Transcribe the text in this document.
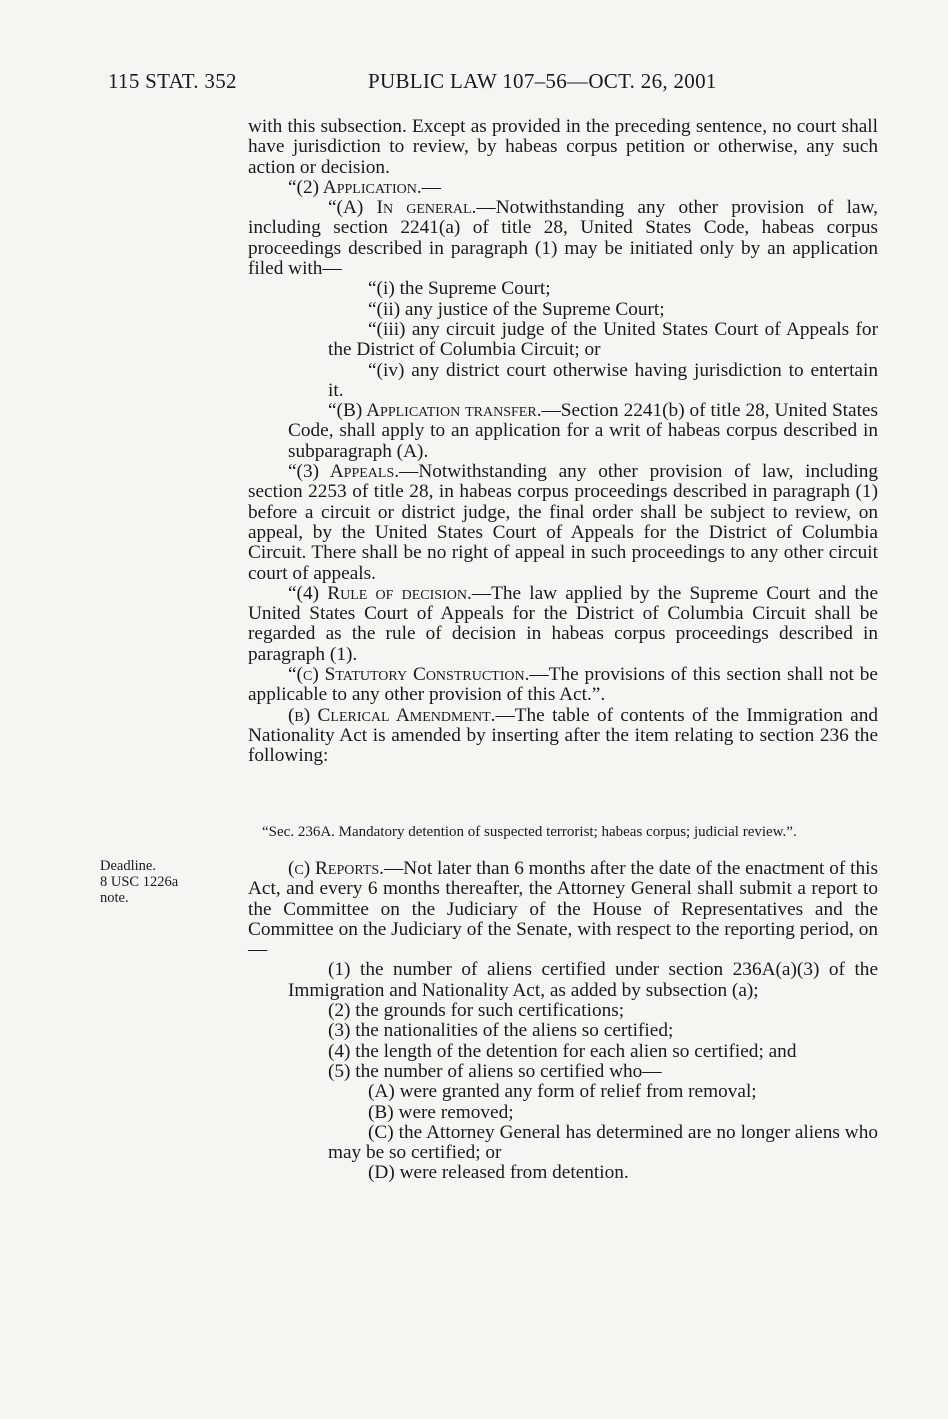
115 STAT. 352	PUBLIC LAW 107–56—OCT. 26, 2001

with this subsection. Except as provided in the preceding sentence, no court shall have jurisdiction to review, by habeas corpus petition or otherwise, any such action or decision.

“(2) Application.—

“(A) In general.—Notwithstanding any other provision of law, including section 2241(a) of title 28, United States Code, habeas corpus proceedings described in paragraph (1) may be initiated only by an application filed with—

“(i) the Supreme Court;

“(ii) any justice of the Supreme Court;

“(iii) any circuit judge of the United States Court of Appeals for the District of Columbia Circuit; or

“(iv) any district court otherwise having jurisdiction to entertain it.

“(B) Application transfer.—Section 2241(b) of title 28, United States Code, shall apply to an application for a writ of habeas corpus described in subparagraph (A).

“(3) Appeals.—Notwithstanding any other provision of law, including section 2253 of title 28, in habeas corpus proceedings described in paragraph (1) before a circuit or district judge, the final order shall be subject to review, on appeal, by the United States Court of Appeals for the District of Columbia Circuit. There shall be no right of appeal in such proceedings to any other circuit court of appeals.

“(4) Rule of decision.—The law applied by the Supreme Court and the United States Court of Appeals for the District of Columbia Circuit shall be regarded as the rule of decision in habeas corpus proceedings described in paragraph (1).

“(c) Statutory Construction.—The provisions of this section shall not be applicable to any other provision of this Act.”.

(b) Clerical Amendment.—The table of contents of the Immigration and Nationality Act is amended by inserting after the item relating to section 236 the following:

“Sec. 236A. Mandatory detention of suspected terrorist; habeas corpus; judicial review.”.
Deadline.
8 USC 1226a
note.

(c) Reports.—Not later than 6 months after the date of the enactment of this Act, and every 6 months thereafter, the Attorney General shall submit a report to the Committee on the Judiciary of the House of Representatives and the Committee on the Judiciary of the Senate, with respect to the reporting period, on—

(1) the number of aliens certified under section 236A(a)(3) of the Immigration and Nationality Act, as added by subsection (a);

(2) the grounds for such certifications;

(3) the nationalities of the aliens so certified;

(4) the length of the detention for each alien so certified; and

(5) the number of aliens so certified who—

(A) were granted any form of relief from removal;

(B) were removed;

(C) the Attorney General has determined are no longer aliens who may be so certified; or

(D) were released from detention.
